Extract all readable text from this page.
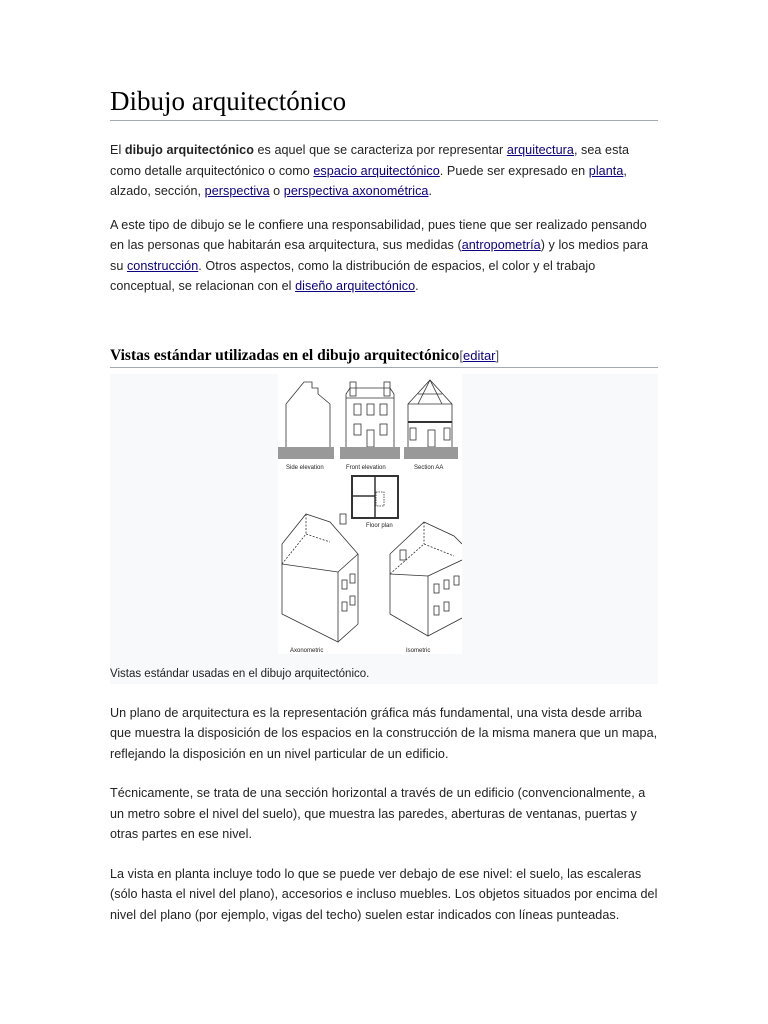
Dibujo arquitectónico

El dibujo arquitectónico es aquel que se caracteriza por representar arquitectura, sea esta como detalle arquitectónico o como espacio arquitectónico. Puede ser expresado en planta, alzado, sección, perspectiva o perspectiva axonométrica.

A este tipo de dibujo se le confiere una responsabilidad, pues tiene que ser realizado pensando en las personas que habitarán esa arquitectura, sus medidas (antropometría) y los medios para su construcción. Otros aspectos, como la distribución de espacios, el color y el trabajo conceptual, se relacionan con el diseño arquitectónico.

Vistas estándar utilizadas en el dibujo arquitectónico[editar]
Side elevation	Front elevation	Section AA
Floor plan
Axonometric	Isometric
Vistas estándar usadas en el dibujo arquitectónico.

Un plano de arquitectura es la representación gráfica más fundamental, una vista desde arriba que muestra la disposición de los espacios en la construcción de la misma manera que un mapa, reflejando la disposición en un nivel particular de un edificio.

Técnicamente, se trata de una sección horizontal a través de un edificio (convencionalmente, a un metro sobre el nivel del suelo), que muestra las paredes, aberturas de ventanas, puertas y otras partes en ese nivel.

La vista en planta incluye todo lo que se puede ver debajo de ese nivel: el suelo, las escaleras (sólo hasta el nivel del plano), accesorios e incluso muebles. Los objetos situados por encima del nivel del plano (por ejemplo, vigas del techo) suelen estar indicados con líneas punteadas.
